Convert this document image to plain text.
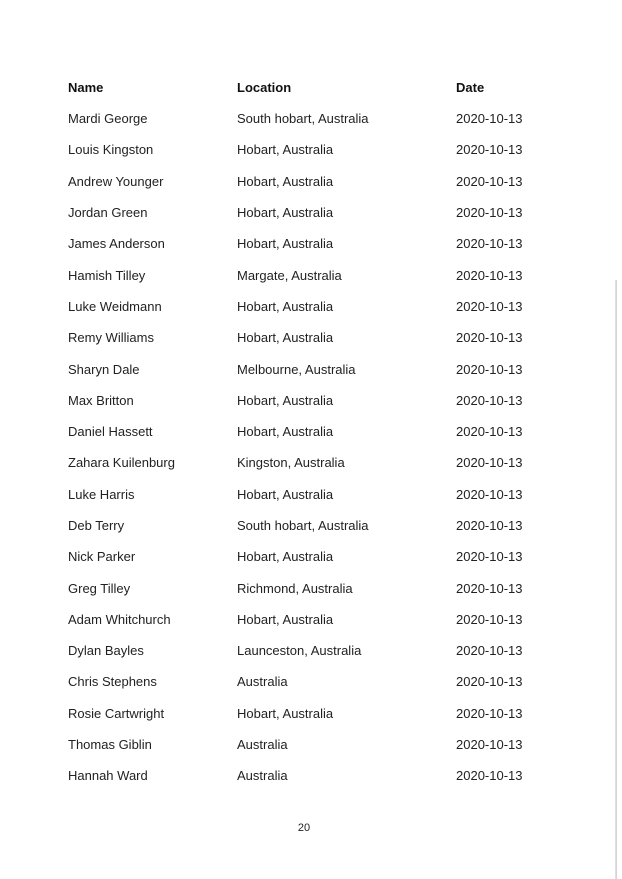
Name	Location	Date
Mardi George	South hobart, Australia	2020-10-13
Louis Kingston	Hobart, Australia	2020-10-13
Andrew Younger	Hobart, Australia	2020-10-13
Jordan Green	Hobart, Australia	2020-10-13
James Anderson	Hobart, Australia	2020-10-13
Hamish Tilley	Margate, Australia	2020-10-13
Luke Weidmann	Hobart, Australia	2020-10-13
Remy Williams	Hobart, Australia	2020-10-13
Sharyn Dale	Melbourne, Australia	2020-10-13
Max Britton	Hobart, Australia	2020-10-13
Daniel Hassett	Hobart, Australia	2020-10-13
Zahara Kuilenburg	Kingston, Australia	2020-10-13
Luke Harris	Hobart, Australia	2020-10-13
Deb Terry	South hobart, Australia	2020-10-13
Nick Parker	Hobart, Australia	2020-10-13
Greg Tilley	Richmond, Australia	2020-10-13
Adam Whitchurch	Hobart, Australia	2020-10-13
Dylan Bayles	Launceston, Australia	2020-10-13
Chris Stephens	Australia	2020-10-13
Rosie Cartwright	Hobart, Australia	2020-10-13
Thomas Giblin	Australia	2020-10-13
Hannah Ward	Australia	2020-10-13
20
